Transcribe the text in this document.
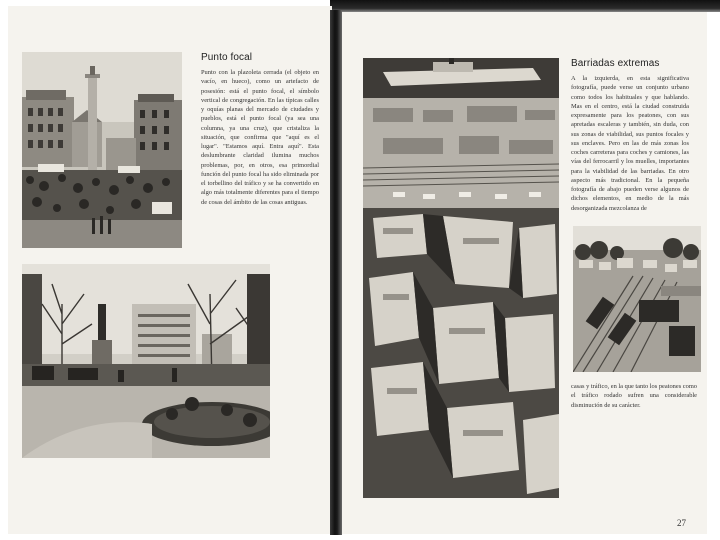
Punto focal

Punto con la plazoleta cerrada (el objeto en vacío, en hueco), como un artefacto de posesión: está el punto focal, el símbolo vertical de congregación. En las típicas calles y oquías planas del mercado de ciudades y pueblos, está el punto focal (ya sea una columna, ya una cruz), que cristaliza la situación, que confirma que "aquí es el lugar". "Estamos aquí. Entra aquí". Esta deslumbrante claridad ilumina muchos problemas, por, en otros, esa primordial función del punto focal ha sido eliminada por el torbellino del tráfico y se ha convertido en algo más totalmente diferentes para el tiempo de cosas del ámbito de las cosas antiguas.

Barriadas extremas

A la izquierda, en esta significativa fotografía, puede verse un conjunto urbano como todos los habituales y que hablando. Mas en el centro, está la ciudad construida expresamente para los peatones, con sus apretadas escaleras y también, sin duda, con sus zonas de viabilidad, sus puntos focales y sus enclaves. Pero en las de más zonas los coches carreteras para coches y camiones, las vías del ferrocarril y los muelles, importantes para la viabilidad de las barriadas. En otro aspecto más tradicional. En la pequeña fotografía de abajo pueden verse algunos de dichos elementos, en medio de la más desorganizada mezcolanza de

casas y tráfico, en la que tanto los peatones como el tráfico rodado sufren una considerable disminución de su carácter.

27
